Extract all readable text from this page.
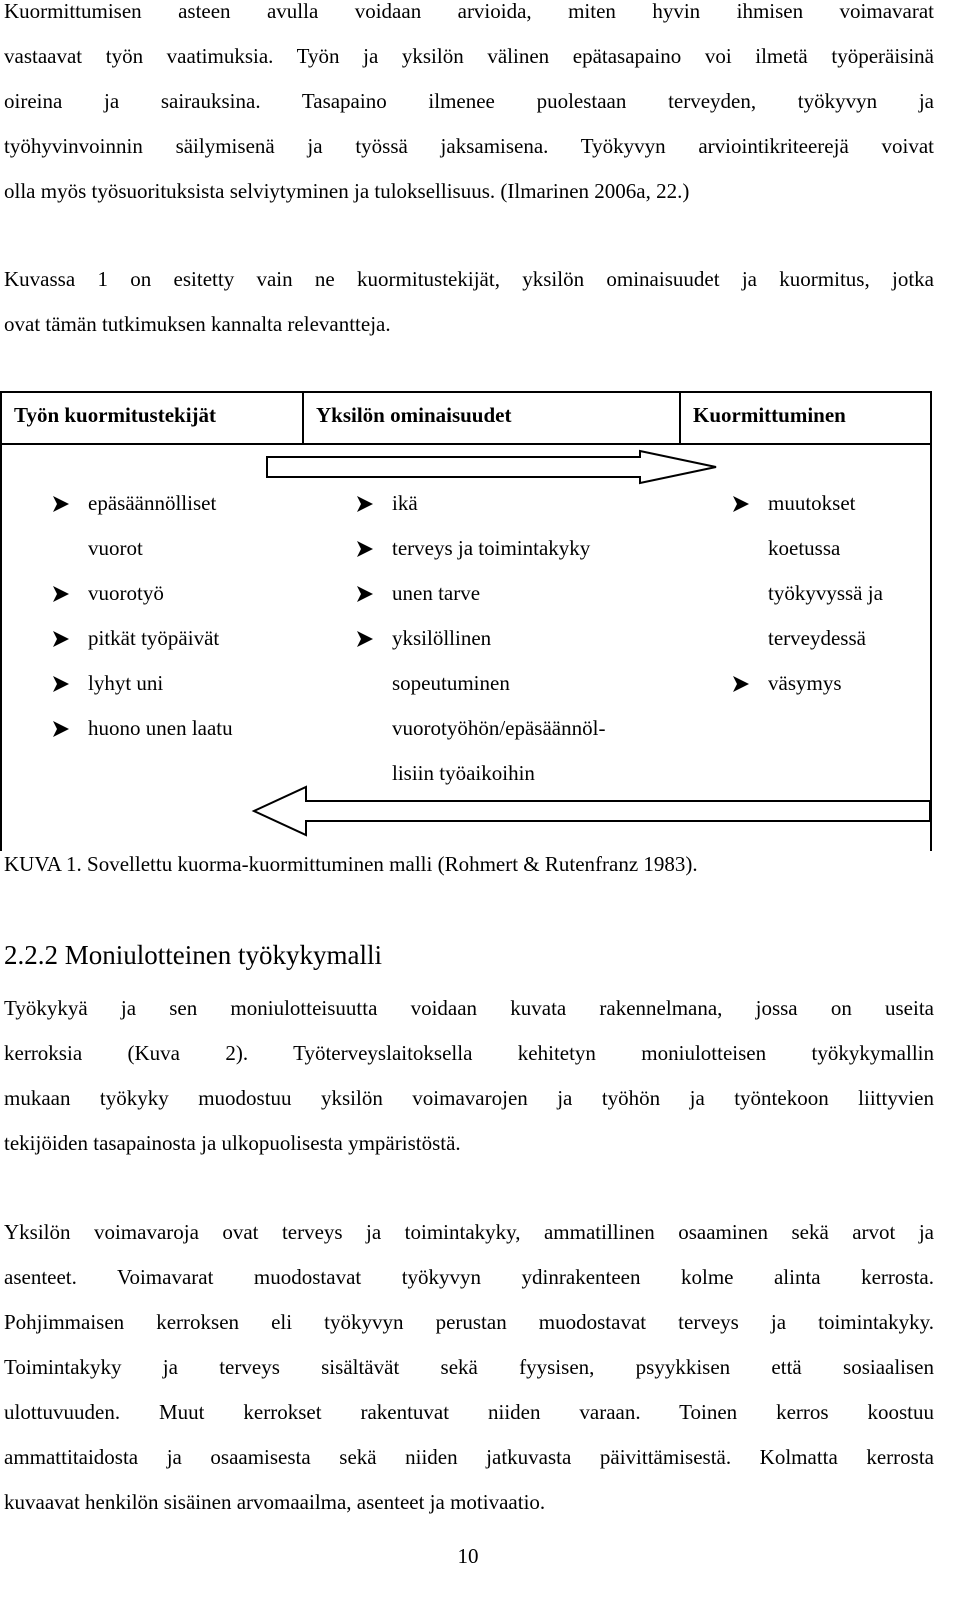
Kuormittumisen asteen avulla voidaan arvioida, miten hyvin ihmisen voimavarat
vastaavat työn vaatimuksia. Työn ja yksilön välinen epätasapaino voi ilmetä työperäisinä
oireina ja sairauksina. Tasapaino ilmenee puolestaan terveyden, työkyvyn ja
työhyvinvoinnin säilymisenä ja työssä jaksamisena. Työkyvyn arviointikriteerejä voivat
olla myös työsuorituksista selviytyminen ja tuloksellisuus. (Ilmarinen 2006a, 22.)
Kuvassa 1 on esitetty vain ne kuormitustekijät, yksilön ominaisuudet ja kuormitus, jotka
ovat tämän tutkimuksen kannalta relevantteja.
Työn kuormitustekijät	Yksilön ominaisuudet	Kuormittuminen
epäsäännölliset
vuorot
vuorotyö
pitkät työpäivät
lyhyt uni
huono unen laatu
ikä
terveys ja toimintakyky
unen tarve
yksilöllinen
sopeutuminen
vuorotyöhön/epäsäännöl-
lisiin työaikoihin
muutokset
koetussa
työkyvyssä ja
terveydessä
väsymys
KUVA 1. Sovellettu kuorma-kuormittuminen malli (Rohmert & Rutenfranz 1983).
2.2.2 Moniulotteinen työkykymalli
Työkykyä ja sen moniulotteisuutta voidaan kuvata rakennelmana, jossa on useita
kerroksia (Kuva 2). Työterveyslaitoksella kehitetyn moniulotteisen työkykymallin
mukaan työkyky muodostuu yksilön voimavarojen ja työhön ja työntekoon liittyvien
tekijöiden tasapainosta ja ulkopuolisesta ympäristöstä.
Yksilön voimavaroja ovat terveys ja toimintakyky, ammatillinen osaaminen sekä arvot ja
asenteet. Voimavarat muodostavat työkyvyn ydinrakenteen kolme alinta kerrosta.
Pohjimmaisen kerroksen eli työkyvyn perustan muodostavat terveys ja toimintakyky.
Toimintakyky ja terveys sisältävät sekä fyysisen, psyykkisen että sosiaalisen
ulottuvuuden. Muut kerrokset rakentuvat niiden varaan. Toinen kerros koostuu
ammattitaidosta ja osaamisesta sekä niiden jatkuvasta päivittämisestä. Kolmatta kerrosta
kuvaavat henkilön sisäinen arvomaailma, asenteet ja motivaatio.
10
